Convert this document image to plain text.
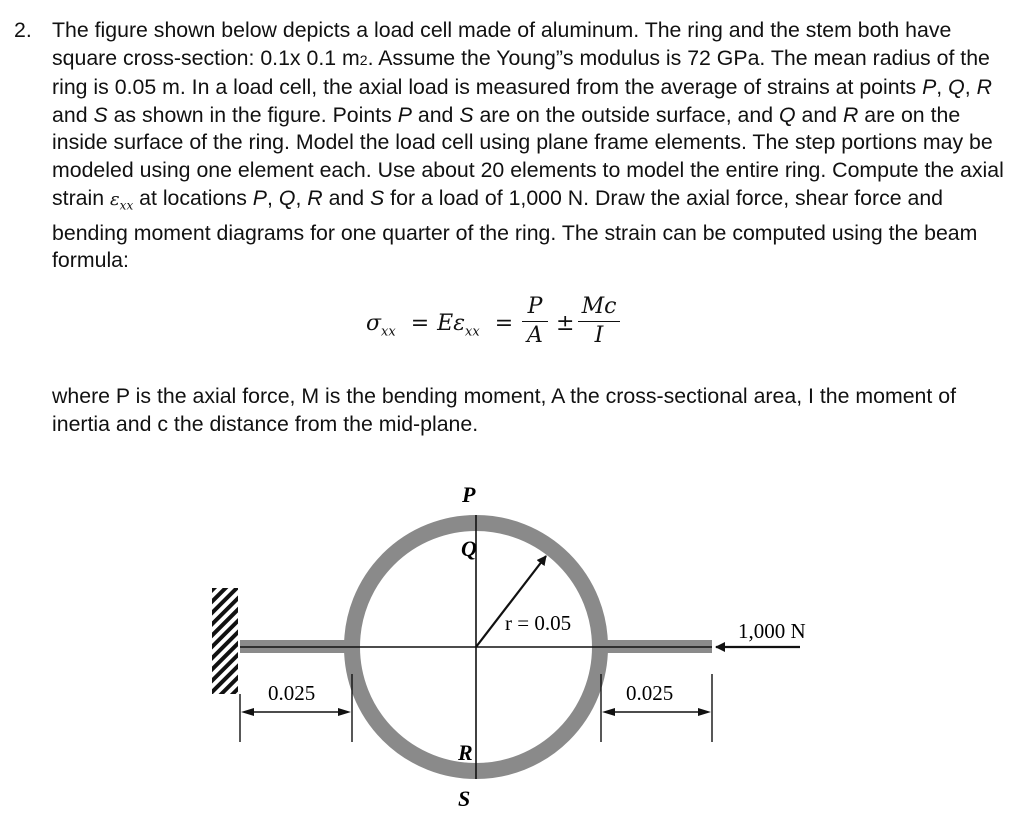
2. The figure shown below depicts a load cell made of aluminum. The ring and the stem both have square cross-section: 0.1x 0.1 m2. Assume the Young”s modulus is 72 GPa. The mean radius of the ring is 0.05 m. In a load cell, the axial load is measured from the average of strains at points P, Q, R and S as shown in the figure. Points P and S are on the outside surface, and Q and R are on the inside surface of the ring. Model the load cell using plane frame elements. The step portions may be modeled using one element each. Use about 20 elements to model the entire ring. Compute the axial strain $\varepsilon_{xx}$ at locations P, Q, R and S for a load of 1,000 N. Draw the axial force, shear force and bending moment diagrams for one quarter of the ring. The strain can be computed using the beam formula:

$\sigma_{xx} = E\varepsilon_{xx}$ =
P
A ±
Mc
I

where P is the axial force, M is the bending moment, A the cross-sectional area, I the moment of inertia and c the distance from the mid-plane.

P
Q
R
S
r = 0.05	1,000 N
0.025	0.025
